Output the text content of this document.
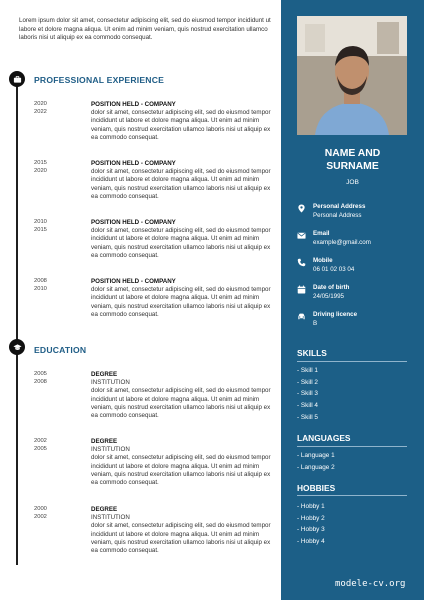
Lorem ipsum dolor sit amet, consectetur adipiscing elit, sed do eiusmod tempor incididunt ut labore et dolore magna aliqua. Ut enim ad minim veniam, quis nostrud exercitation ullamco laboris nisi ut aliquip ex ea commodo consequat.

PROFESSIONAL EXPERIENCE
2020
2022
POSITION HELD - COMPANY
dolor sit amet, consectetur adipiscing elit, sed do eiusmod tempor incididunt ut labore et dolore magna aliqua. Ut enim ad minim veniam, quis nostrud exercitation ullamco laboris nisi ut aliquip ex ea commodo consequat.
2015
2020
POSITION HELD - COMPANY
dolor sit amet, consectetur adipiscing elit, sed do eiusmod tempor incididunt ut labore et dolore magna aliqua. Ut enim ad minim veniam, quis nostrud exercitation ullamco laboris nisi ut aliquip ex ea commodo consequat.
2010
2015
POSITION HELD - COMPANY
dolor sit amet, consectetur adipiscing elit, sed do eiusmod tempor incididunt ut labore et dolore magna aliqua. Ut enim ad minim veniam, quis nostrud exercitation ullamco laboris nisi ut aliquip ex ea commodo consequat.
2008
2010
POSITION HELD - COMPANY
dolor sit amet, consectetur adipiscing elit, sed do eiusmod tempor incididunt ut labore et dolore magna aliqua. Ut enim ad minim veniam, quis nostrud exercitation ullamco laboris nisi ut aliquip ex ea commodo consequat.
EDUCATION
2005
2008
DEGREE
INSTITUTION
dolor sit amet, consectetur adipiscing elit, sed do eiusmod tempor incididunt ut labore et dolore magna aliqua. Ut enim ad minim veniam, quis nostrud exercitation ullamco laboris nisi ut aliquip ex ea commodo consequat.
2002
2005
DEGREE
INSTITUTION
dolor sit amet, consectetur adipiscing elit, sed do eiusmod tempor incididunt ut labore et dolore magna aliqua. Ut enim ad minim veniam, quis nostrud exercitation ullamco laboris nisi ut aliquip ex ea commodo consequat.
2000
2002
DEGREE
INSTITUTION
dolor sit amet, consectetur adipiscing elit, sed do eiusmod tempor incididunt ut labore et dolore magna aliqua. Ut enim ad minim veniam, quis nostrud exercitation ullamco laboris nisi ut aliquip ex ea commodo consequat.
NAME AND
SURNAME
JOB
Personal Address
Personal Address
Email
example@gmail.com
Mobile
06 01 02 03 04
Date of birth
24/05/1995
Driving licence
B
SKILLS
- Skill 1
- Skill 2
- Skill 3
- Skill 4
- Skill 5
LANGUAGES
- Language 1
- Language 2
HOBBIES
- Hobby 1
- Hobby 2
- Hobby 3
- Hobby 4
modele-cv.org
